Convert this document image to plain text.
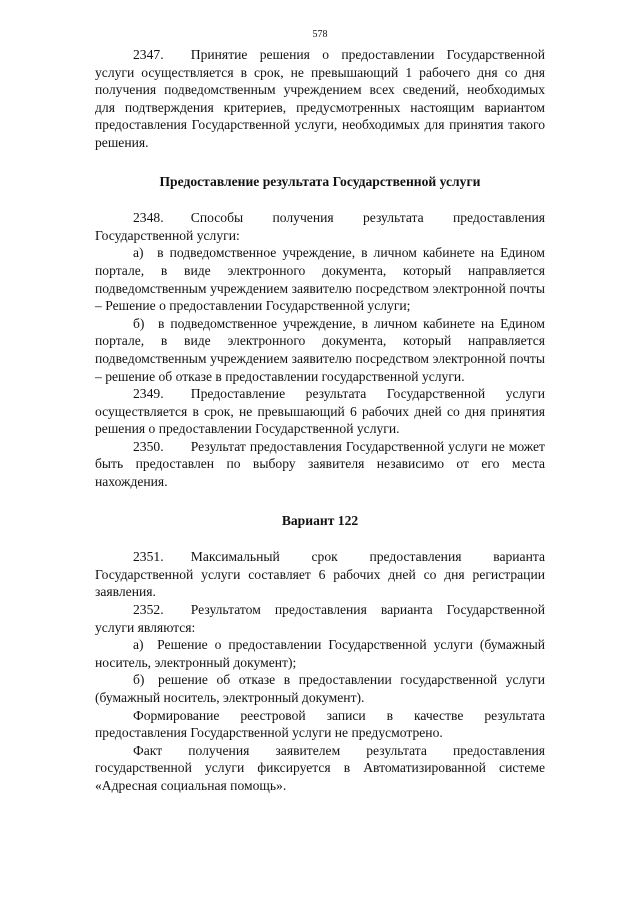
578

2347.  Принятие решения о предоставлении Государственной услуги осуществляется в срок, не превышающий 1 рабочего дня со дня получения подведомственным учреждением всех сведений, необходимых для подтверждения критериев, предусмотренных настоящим вариантом предоставления Государственной услуги, необходимых для принятия такого решения.

Предоставление результата Государственной услуги

2348.  Способы получения результата предоставления Государственной услуги:

а) в подведомственное учреждение, в личном кабинете на Едином портале, в виде электронного документа, который направляется подведомственным учреждением заявителю посредством электронной почты – Решение о предоставлении Государственной услуги;

б) в подведомственное учреждение, в личном кабинете на Едином портале, в виде электронного документа, который направляется подведомственным учреждением заявителю посредством электронной почты – решение об отказе в предоставлении государственной услуги.

2349.  Предоставление результата Государственной услуги осуществляется в срок, не превышающий 6 рабочих дней со дня принятия решения о предоставлении Государственной услуги.

2350.  Результат предоставления Государственной услуги не может быть предоставлен по выбору заявителя независимо от его места нахождения.

Вариант 122

2351.  Максимальный срок предоставления варианта Государственной услуги составляет 6 рабочих дней со дня регистрации заявления.

2352.  Результатом предоставления варианта Государственной услуги являются:

а) Решение о предоставлении Государственной услуги (бумажный носитель, электронный документ);

б) решение об отказе в предоставлении государственной услуги (бумажный носитель, электронный документ).

Формирование реестровой записи в качестве результата предоставления Государственной услуги не предусмотрено.

Факт получения заявителем результата предоставления государственной услуги фиксируется в Автоматизированной системе «Адресная социальная помощь».
